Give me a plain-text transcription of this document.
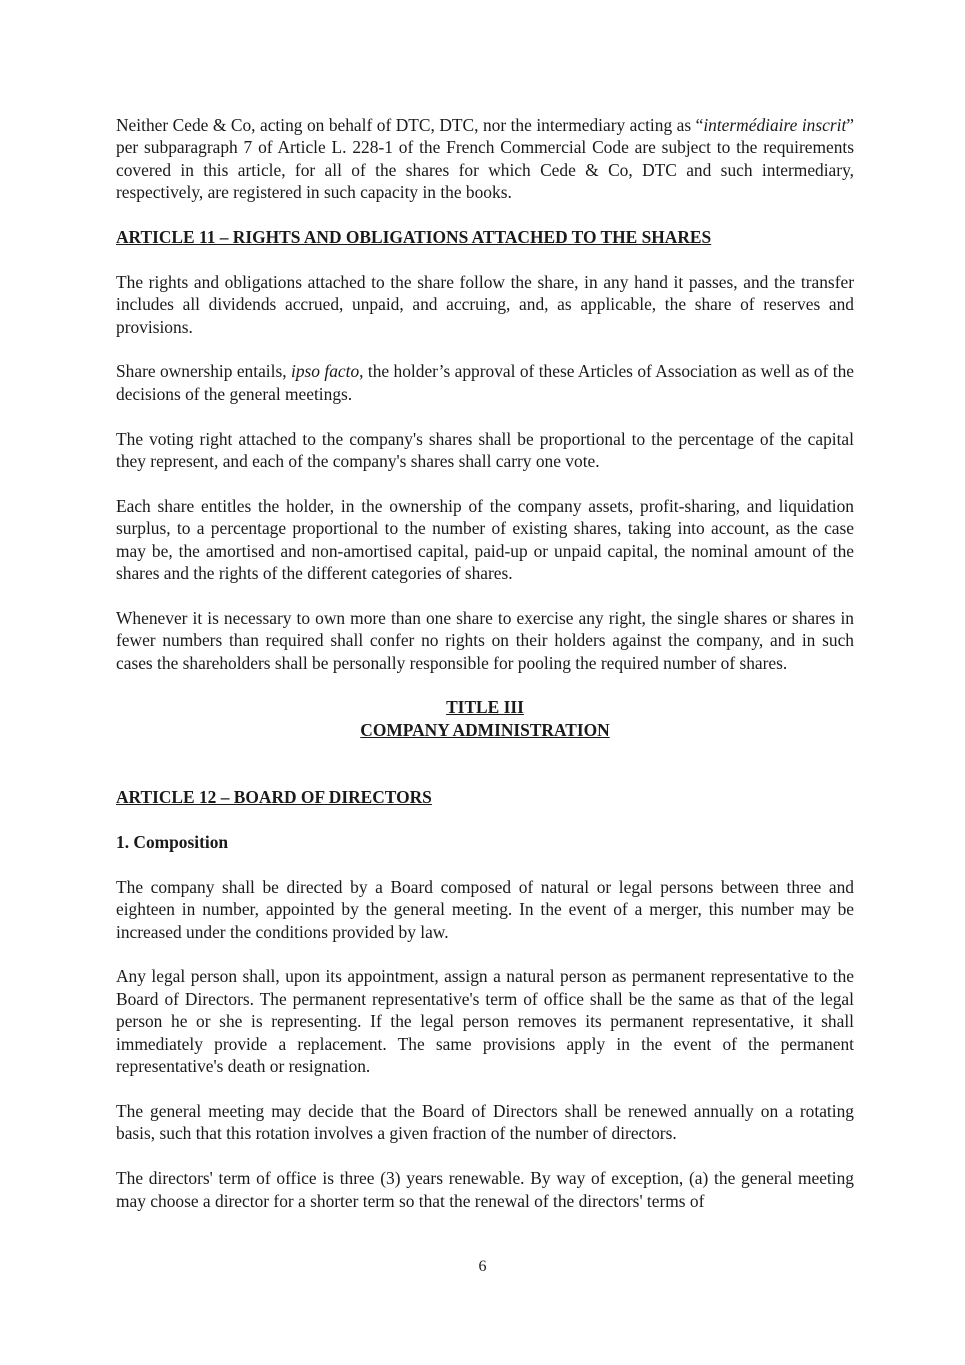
Neither Cede & Co, acting on behalf of DTC, DTC, nor the intermediary acting as “intermédiaire inscrit” per subparagraph 7 of Article L. 228-1 of the French Commercial Code are subject to the requirements covered in this article, for all of the shares for which Cede & Co, DTC and such intermediary, respectively, are registered in such capacity in the books.

ARTICLE 11 – RIGHTS AND OBLIGATIONS ATTACHED TO THE SHARES

The rights and obligations attached to the share follow the share, in any hand it passes, and the transfer includes all dividends accrued, unpaid, and accruing, and, as applicable, the share of reserves and provisions.

Share ownership entails, ipso facto, the holder’s approval of these Articles of Association as well as of the decisions of the general meetings.

The voting right attached to the company's shares shall be proportional to the percentage of the capital they represent, and each of the company's shares shall carry one vote.

Each share entitles the holder, in the ownership of the company assets, profit-sharing, and liquidation surplus, to a percentage proportional to the number of existing shares, taking into account, as the case may be, the amortised and non-amortised capital, paid-up or unpaid capital, the nominal amount of the shares and the rights of the different categories of shares.

Whenever it is necessary to own more than one share to exercise any right, the single shares or shares in fewer numbers than required shall confer no rights on their holders against the company, and in such cases the shareholders shall be personally responsible for pooling the required number of shares.

TITLE III
COMPANY ADMINISTRATION
ARTICLE 12 – BOARD OF DIRECTORS
1. Composition

The company shall be directed by a Board composed of natural or legal persons between three and eighteen in number, appointed by the general meeting. In the event of a merger, this number may be increased under the conditions provided by law.

Any legal person shall, upon its appointment, assign a natural person as permanent representative to the Board of Directors. The permanent representative's term of office shall be the same as that of the legal person he or she is representing. If the legal person removes its permanent representative, it shall immediately provide a replacement. The same provisions apply in the event of the permanent representative's death or resignation.

The general meeting may decide that the Board of Directors shall be renewed annually on a rotating basis, such that this rotation involves a given fraction of the number of directors.

The directors' term of office is three (3) years renewable. By way of exception, (a) the general meeting may choose a director for a shorter term so that the renewal of the directors' terms of

6
